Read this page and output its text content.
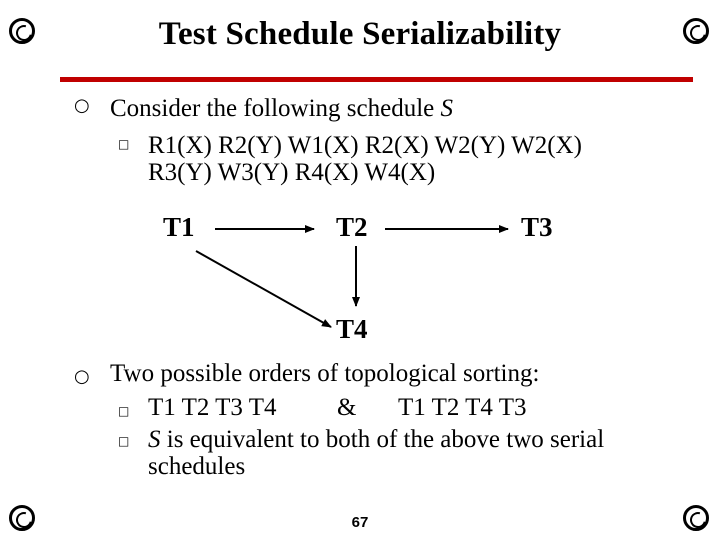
Test Schedule Serializability
○ Consider the following schedule S
□ R1(X) R2(Y) W1(X) R2(X) W2(Y) W2(X)
R3(Y) W3(Y) R4(X) W4(X)
T1	T2	T3
T4
○ Two possible orders of topological sorting:
□ T1 T2 T3 T4 & T1 T2 T4 T3
□ S is equivalent to both of the above two serial
schedules
67
